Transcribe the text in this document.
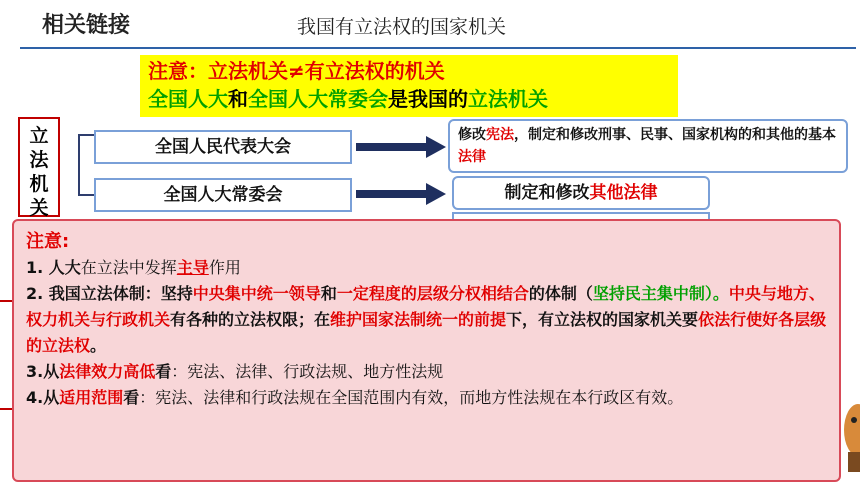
相关链接	我国有立法权的国家机关
注意：立法机关≠有立法权的机关
全国人大和全国人大常委会是我国的立法机关
立
法
机
关
全国人民代表大会
全国人大常委会
修改宪法，制定和修改刑事、民事、国家机构的和其他的基本法律
制定和修改其他法律

注意:

1. 人大在立法中发挥主导作用

2. 我国立法体制：坚持中央集中统一领导和一定程度的层级分权相结合的体制（坚持民主集中制）。中央与地方、权力机关与行政机关有各种的立法权限；在维护国家法制统一的前提下，有立法权的国家机关要依法行使好各层级的立法权。

3.从法律效力高低看：宪法、法律、行政法规、地方性法规

4.从适用范围看：宪法、法律和行政法规在全国范围内有效，而地方性法规在本行政区有效。
